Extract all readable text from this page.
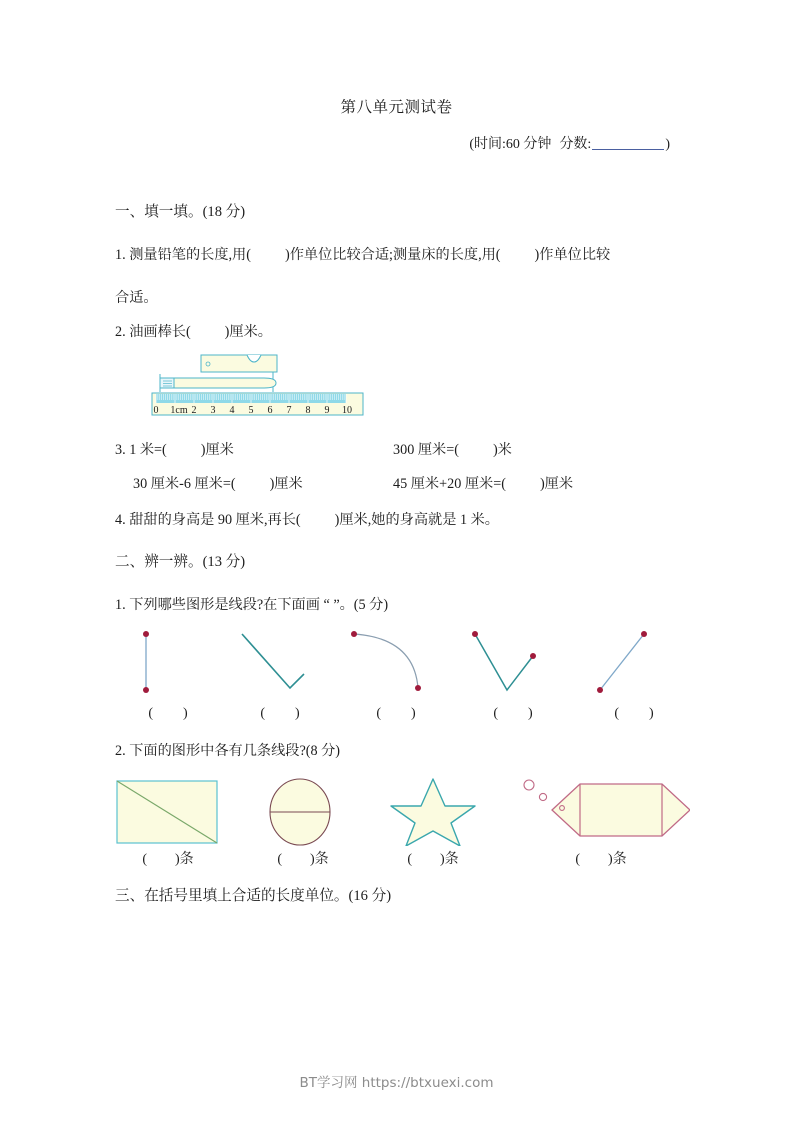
第八单元测试卷
(时间:60 分钟 分数:	)
一、填一填。(18 分)
1. 测量铅笔的长度,用( )作单位比较合适;测量床的长度,用( )作单位比较
合适。
2. 油画棒长( )厘米。
0 1cm 2 3 4 5 6 7 8 9 10
3. 1 米=( )厘米	300 厘米=( )米
30 厘米-6 厘米=( )厘米	45 厘米+20 厘米=( )厘米
4. 甜甜的身高是 90 厘米,再长( )厘米,她的身高就是 1 米。
二、辨一辨。(13 分)
1. 下列哪些图形是线段?在下面画 “ ”。(5 分)
( )	( )	( )	( )	( )
2. 下面的图形中各有几条线段?(8 分)
( )条	( )条	( )条	( )条
三、在括号里填上合适的长度单位。(16 分)
BT学习网 https://btxuexi.com
